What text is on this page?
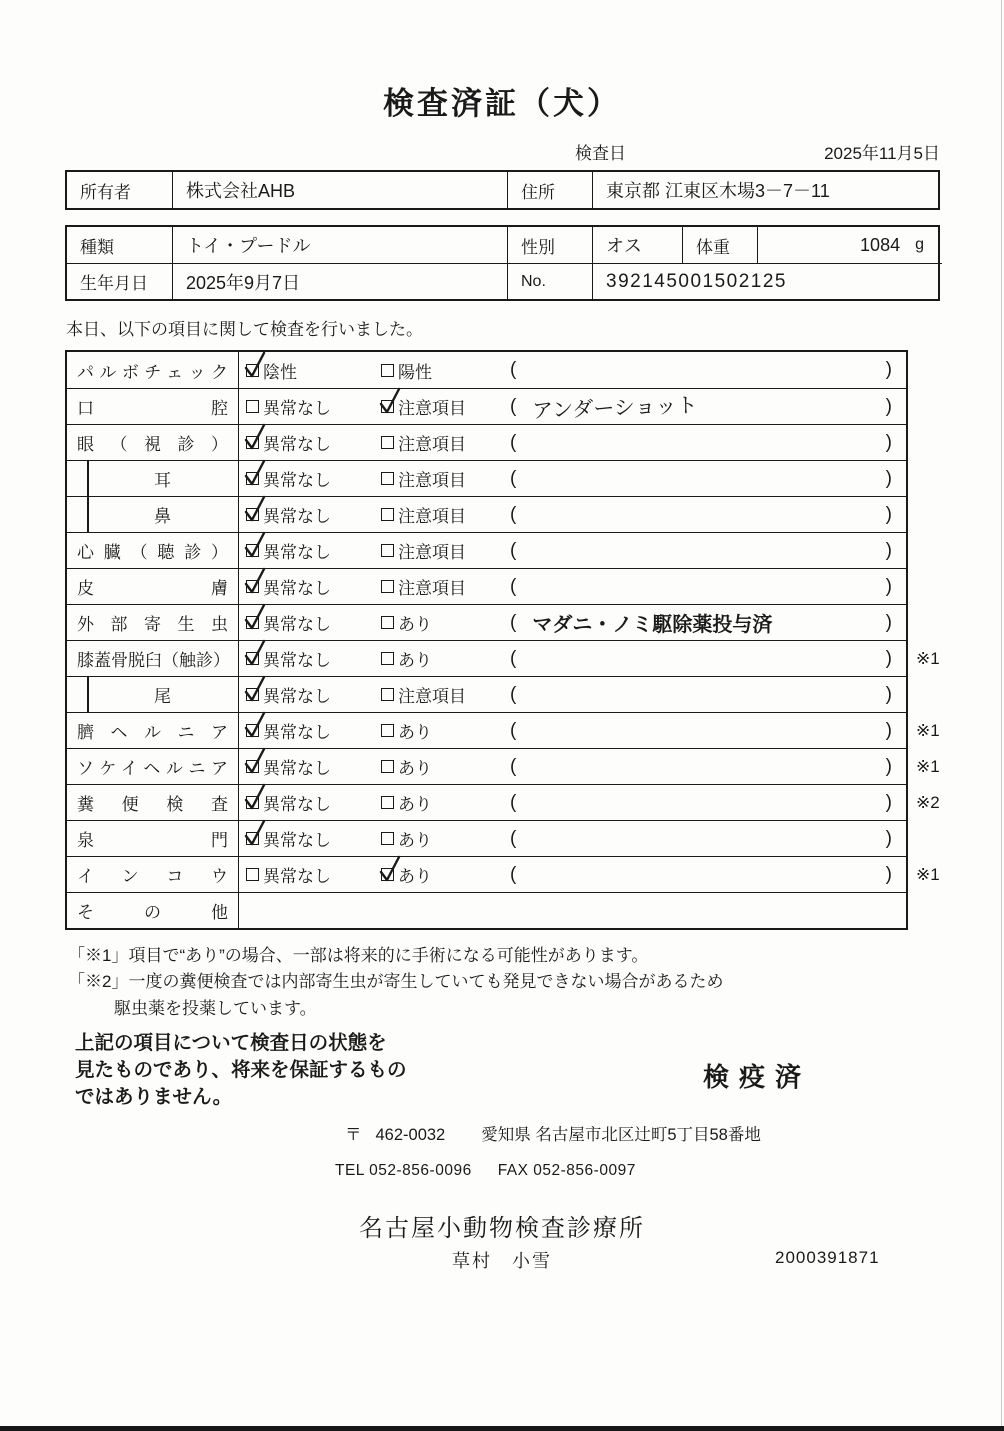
検査済証（犬）
検査日	2025年11月5日
所有者	株式会社AHB	住所	東京都 江東区木場3－7－11
種類	トイ・プードル	性別	オス	体重	1084 g
生年月日	2025年9月7日	No.	392145001502125
本日、以下の項目に関して検査を行いました。
パルボチェック 陰性	陽性	(	)
口腔 異常なし	注意項目 ( アンダーショット	)
眼（視診） 異常なし	注意項目 (	)
耳	異常なし	注意項目 (	)
鼻	異常なし	注意項目 (	)
心臓（聴診） 異常なし	注意項目 (	)
皮膚 異常なし	注意項目 (	)
外部寄生虫 異常なし	あり	( マダニ・ノミ駆除薬投与済	)
膝蓋骨脱臼（触診） 異常なし	あり	(	) ※1
尾	異常なし	注意項目 (	)
臍ヘルニア 異常なし	あり	(	) ※1
ソケイヘルニア 異常なし	あり	(	) ※1
糞便検査 異常なし	あり	(	) ※2
泉門 異常なし	あり	(	)
インコウ 異常なし	あり	(	) ※1
その他
「※1」項目で“あり”の場合、一部は将来的に手術になる可能性があります。
「※2」一度の糞便検査では内部寄生虫が寄生していても発見できない場合があるため
駆虫薬を投薬しています。
上記の項目について検査日の状態を
見たものであり、将来を保証するもの
ではありません。
検疫済
〒 462-0032 愛知県 名古屋市北区辻町5丁目58番地
TEL 052-856-0096 FAX 052-856-0097
名古屋小動物検査診療所
草村　小雪	2000391871
